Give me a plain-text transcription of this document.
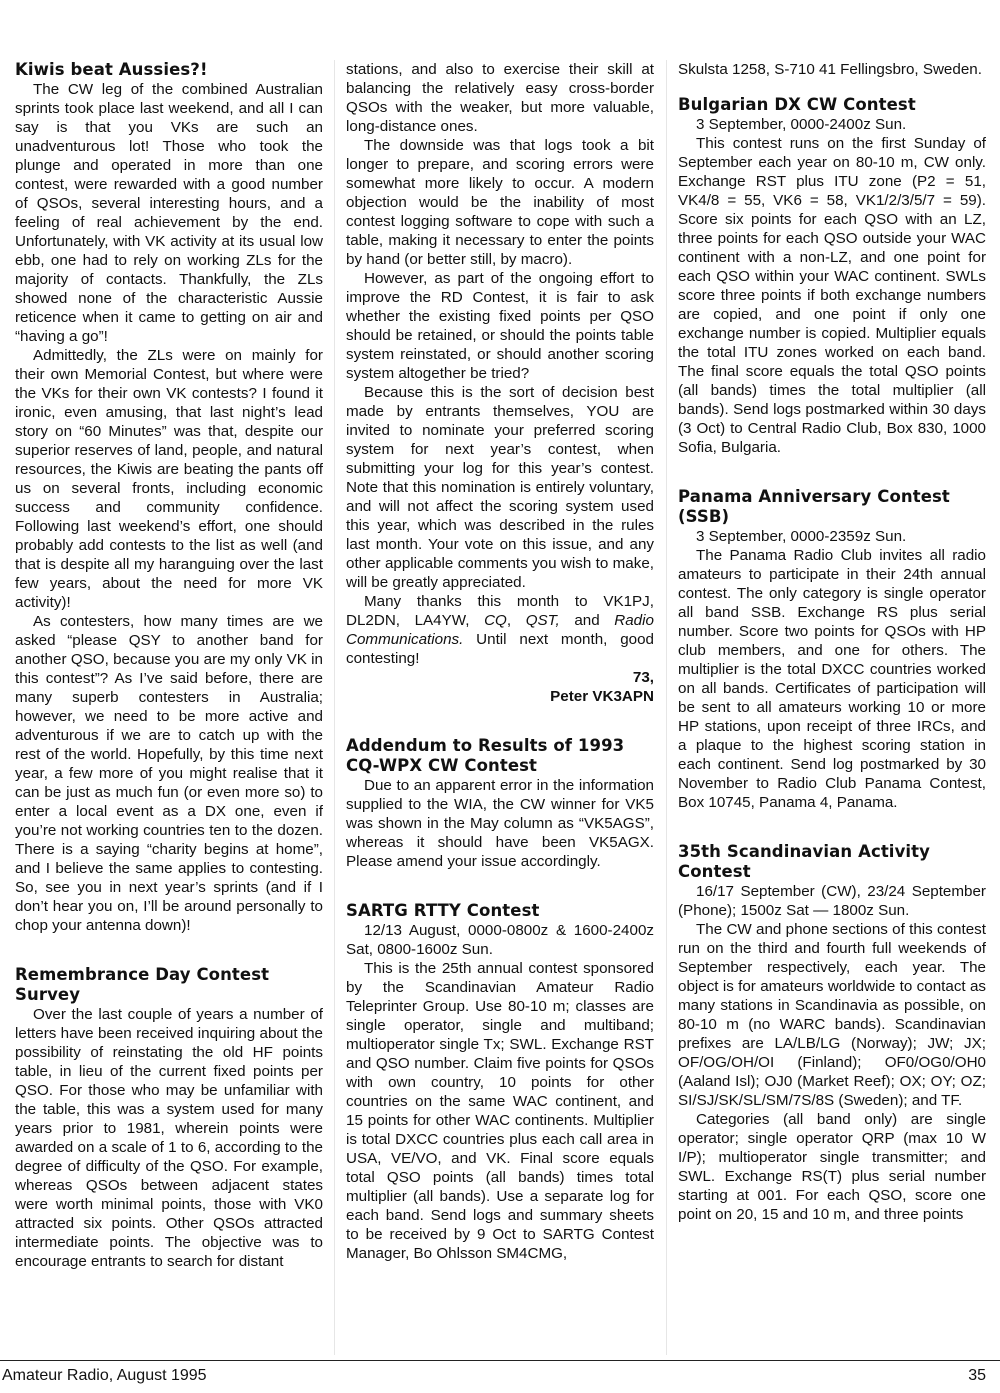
Kiwis beat Aussies?!

The CW leg of the combined Australian sprints took place last weekend, and all I can say is that you VKs are such an unadventurous lot! Those who took the plunge and operated in more than one contest, were rewarded with a good number of QSOs, several interesting hours, and a feeling of real achievement by the end. Unfortunately, with VK activity at its usual low ebb, one had to rely on working ZLs for the majority of contacts. Thankfully, the ZLs showed none of the characteristic Aussie reticence when it came to getting on air and “having a go”!

Admittedly, the ZLs were on mainly for their own Memorial Contest, but where were the VKs for their own VK contests? I found it ironic, even amusing, that last night’s lead story on “60 Minutes” was that, despite our superior reserves of land, people, and natural resources, the Kiwis are beating the pants off us on several fronts, including economic success and community confidence. Following last weekend’s effort, one should probably add contests to the list as well (and that is despite all my haranguing over the last few years, about the need for more VK activity)!

As contesters, how many times are we asked “please QSY to another band for another QSO, because you are my only VK in this contest”? As I’ve said before, there are many superb contesters in Australia; however, we need to be more active and adventurous if we are to catch up with the rest of the world. Hopefully, by this time next year, a few more of you might realise that it can be just as much fun (or even more so) to enter a local event as a DX one, even if you’re not working countries ten to the dozen. There is a saying “charity begins at home”, and I believe the same applies to contesting. So, see you in next year’s sprints (and if I don’t hear you on, I’ll be around personally to chop your antenna down)!

Remembrance Day Contest Survey

Over the last couple of years a number of letters have been received inquiring about the possibility of reinstating the old HF points table, in lieu of the current fixed points per QSO. For those who may be unfamiliar with the table, this was a system used for many years prior to 1981, wherein points were awarded on a scale of 1 to 6, according to the degree of difficulty of the QSO. For example, whereas QSOs between adjacent states were worth minimal points, those with VK0 attracted six points. Other QSOs attracted intermediate points. The objective was to encourage entrants to search for distant

stations, and also to exercise their skill at balancing the relatively easy cross-border QSOs with the weaker, but more valuable, long-distance ones.

The downside was that logs took a bit longer to prepare, and scoring errors were somewhat more likely to occur. A modern objection would be the inability of most contest logging software to cope with such a table, making it necessary to enter the points by hand (or better still, by macro).

However, as part of the ongoing effort to improve the RD Contest, it is fair to ask whether the existing fixed points per QSO should be retained, or should the points table system reinstated, or should another scoring system altogether be tried?

Because this is the sort of decision best made by entrants themselves, YOU are invited to nominate your preferred scoring system for next year’s contest, when submitting your log for this year’s contest. Note that this nomination is entirely voluntary, and will not affect the scoring system used this year, which was described in the rules last month. Your vote on this issue, and any other applicable comments you wish to make, will be greatly appreciated.

Many thanks this month to VK1PJ, DL2DN, LA4YW, CQ, QST, and Radio Communications. Until next month, good contesting!

73,

Peter VK3APN

Addendum to Results of 1993 CQ-WPX CW Contest

Due to an apparent error in the information supplied to the WIA, the CW winner for VK5 was shown in the May column as “VK5AGS”, whereas it should have been VK5AGX. Please amend your issue accordingly.

SARTG RTTY Contest

12/13 August, 0000-0800z & 1600-2400z Sat, 0800-1600z Sun.

This is the 25th annual contest sponsored by the Scandinavian Amateur Radio Teleprinter Group. Use 80-10 m; classes are single operator, single and multiband; multioperator single Tx; SWL. Exchange RST and QSO number. Claim five points for QSOs with own country, 10 points for other countries on the same WAC continent, and 15 points for other WAC continents. Multiplier is total DXCC countries plus each call area in USA, VE/VO, and VK. Final score equals total QSO points (all bands) times total multiplier (all bands). Use a separate log for each band. Send logs and summary sheets to be received by 9 Oct to SARTG Contest Manager, Bo Ohlsson SM4CMG,

Skulsta 1258, S-710 41 Fellingsbro, Sweden.

Bulgarian DX CW Contest

3 September, 0000-2400z Sun.

This contest runs on the first Sunday of September each year on 80-10 m, CW only. Exchange RST plus ITU zone (P2 = 51, VK4/8 = 55, VK6 = 58, VK1/2/3/5/7 = 59). Score six points for each QSO with an LZ, three points for each QSO outside your WAC continent with a non-LZ, and one point for each QSO within your WAC continent. SWLs score three points if both exchange numbers are copied, and one point if only one exchange number is copied. Multiplier equals the total ITU zones worked on each band. The final score equals the total QSO points (all bands) times the total multiplier (all bands). Send logs postmarked within 30 days (3 Oct) to Central Radio Club, Box 830, 1000 Sofia, Bulgaria.

Panama Anniversary Contest (SSB)

3 September, 0000-2359z Sun.

The Panama Radio Club invites all radio amateurs to participate in their 24th annual contest. The only category is single operator all band SSB. Exchange RS plus serial number. Score two points for QSOs with HP club members, and one for others. The multiplier is the total DXCC countries worked on all bands. Certificates of participation will be sent to all amateurs working 10 or more HP stations, upon receipt of three IRCs, and a plaque to the highest scoring station in each continent. Send log postmarked by 30 November to Radio Club Panama Contest, Box 10745, Panama 4, Panama.

35th Scandinavian Activity Contest

16/17 September (CW), 23/24 September (Phone); 1500z Sat — 1800z Sun.

The CW and phone sections of this contest run on the third and fourth full weekends of September respectively, each year. The object is for amateurs worldwide to contact as many stations in Scandinavia as possible, on 80-10 m (no WARC bands). Scandinavian prefixes are LA/LB/LG (Norway); JW; JX; OF/OG/OH/OI (Finland); OF0/OG0/OH0 (Aaland Isl); OJ0 (Market Reef); OX; OY; OZ; SI/SJ/SK/SL/SM/7S/8S (Sweden); and TF.

Categories (all band only) are single operator; single operator QRP (max 10 W I/P); multioperator single transmitter; and SWL. Exchange RS(T) plus serial number starting at 001. For each QSO, score one point on 20, 15 and 10 m, and three points

Amateur Radio, August 1995	35
